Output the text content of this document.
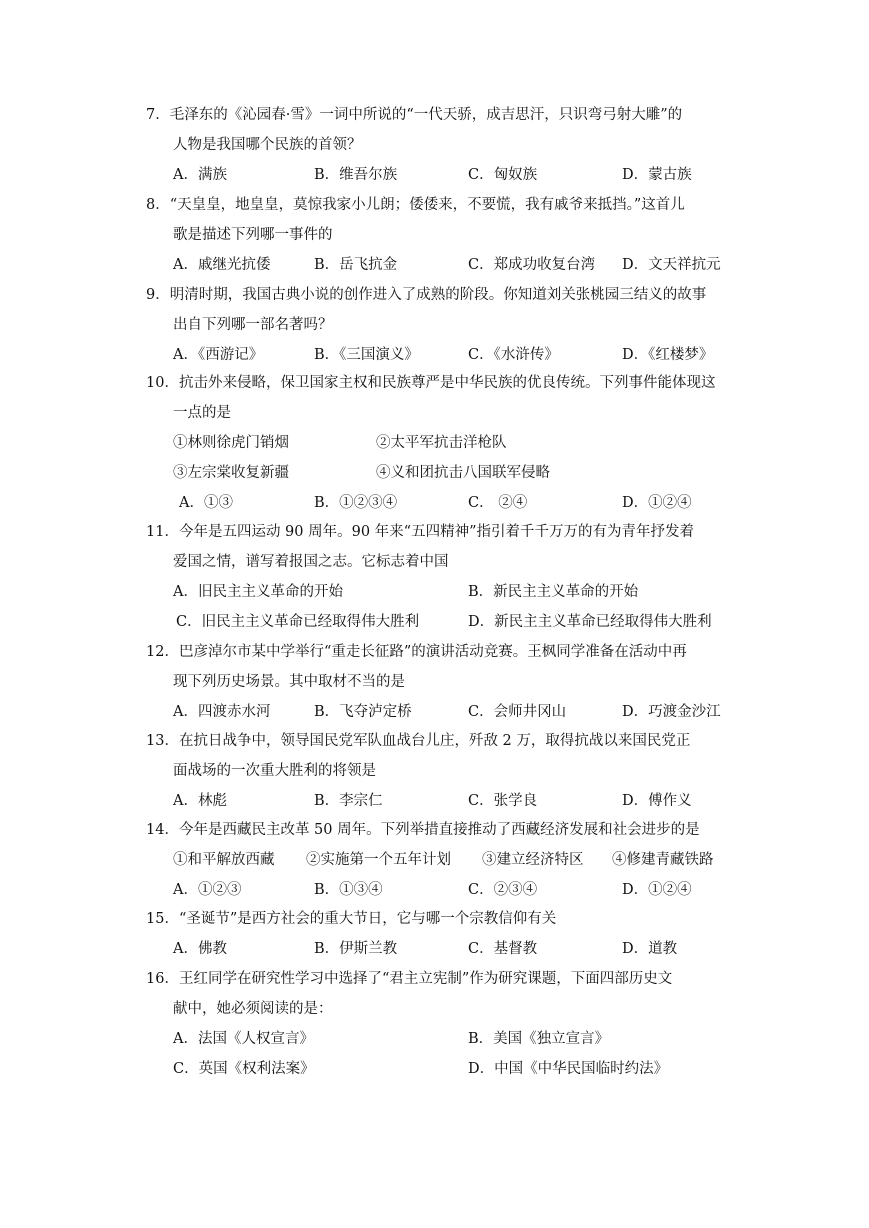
7．毛泽东的《沁园春·雪》一词中所说的“一代天骄，成吉思汗，只识弯弓射大雕”的
人物是我国哪个民族的首领？
A．满族	B．维吾尔族	C．匈奴族	D．蒙古族
8．“天皇皇，地皇皇，莫惊我家小儿朗；倭倭来，不要慌，我有戚爷来抵挡。”这首儿
歌是描述下列哪一事件的
A．戚继光抗倭	B．岳飞抗金	C．郑成功收复台湾 D．文天祥抗元
9．明清时期，我国古典小说的创作进入了成熟的阶段。你知道刘关张桃园三结义的故事
出自下列哪一部名著吗？
A．《西游记》	B．《三国演义》	C．《水浒传》	D．《红楼梦》
10．抗击外来侵略，保卫国家主权和民族尊严是中华民族的优良传统。下列事件能体现这
一点的是
①林则徐虎门销烟	②太平军抗击洋枪队
③左宗棠收复新疆	④义和团抗击八国联军侵略
A．①③	B．①②③④	C． ②④	D．①②④
11．今年是五四运动 90 周年。90 年来“五四精神”指引着千千万万的有为青年抒发着
爱国之情，谱写着报国之志。它标志着中国
A．旧民主主义革命的开始	B．新民主主义革命的开始
C．旧民主主义革命已经取得伟大胜利	D．新民主主义革命已经取得伟大胜利
12．巴彦淖尔市某中学举行“重走长征路”的演讲活动竞赛。王枫同学准备在活动中再
现下列历史场景。其中取材不当的是
A．四渡赤水河	B．飞夺泸定桥	C．会师井冈山	D．巧渡金沙江
13．在抗日战争中，领导国民党军队血战台儿庄，歼敌 2 万，取得抗战以来国民党正
面战场的一次重大胜利的将领是
A．林彪	B．李宗仁	C．张学良	D．傅作义
14．今年是西藏民主改革 50 周年。下列举措直接推动了西藏经济发展和社会进步的是
①和平解放西藏 ②实施第一个五年计划 ③建立经济特区 ④修建青藏铁路
A．①②③	B．①③④	C．②③④	D．①②④
15．“圣诞节”是西方社会的重大节日，它与哪一个宗教信仰有关
A．佛教	B．伊斯兰教	C．基督教	D．道教
16．王红同学在研究性学习中选择了“君主立宪制”作为研究课题，下面四部历史文
献中，她必须阅读的是：
A．法国《人权宣言》	B．美国《独立宣言》
C．英国《权利法案》	D．中国《中华民国临时约法》
